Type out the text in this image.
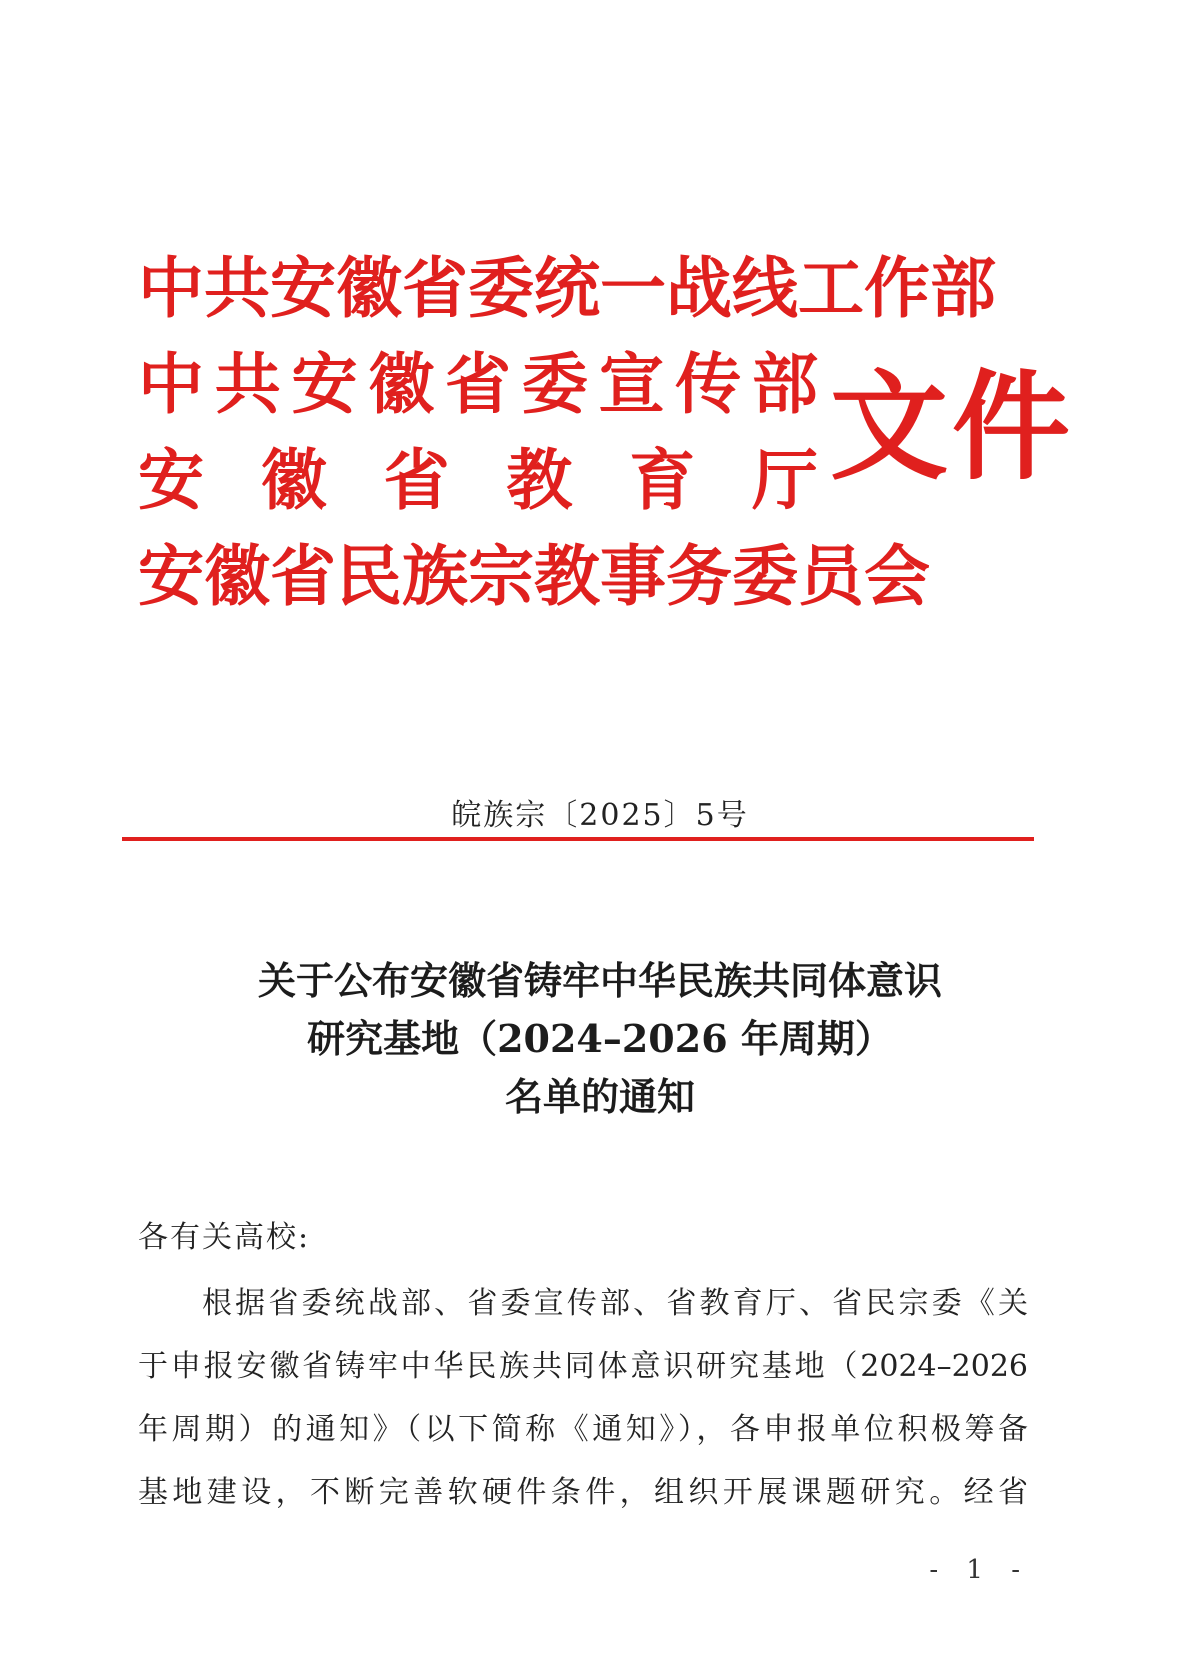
中 共 安 徽 省 委 统 一 战 线 工 作 部
中 共 安 徽 省 委 宣 传 部
安 徽 省 教 育 厅
安 徽 省 民 族 宗 教 事 务 委 员 会
文件
皖族宗〔2025〕5号
关于公布安徽省铸牢中华民族共同体意识
研究基地（2024–2026 年周期）
名单的通知
各有关高校:
根据省委统战部、省委宣传部、省教育厅、省民宗委《关
于申报安徽省铸牢中华民族共同体意识研究基地（2024–2026
年周期）的通知》（以下简称《通知》），各申报单位积极筹备
基地建设，不断完善软硬件条件，组织开展课题研究。经省
- 1 -
